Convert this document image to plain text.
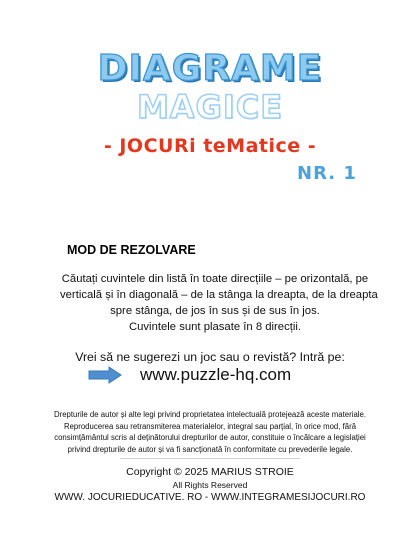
DIAGRAME
MAGICE
- JOCURi teMatice -
NR. 1
MOD DE REZOLVARE
Căutați cuvintele din listă în toate direcțiile – pe orizontală, pe
verticală și în diagonală – de la stânga la dreapta, de la dreapta
spre stânga, de jos în sus și de sus în jos.
Cuvintele sunt plasate în 8 direcții.
Vrei să ne sugerezi un joc sau o revistă? Intră pe:
www.puzzle-hq.com
Drepturile de autor și alte legi privind proprietatea intelectuală protejează aceste materiale.
Reproducerea sau retransmiterea materialelor, integral sau parțial, în orice mod, fără
consimțământul scris al deținătorului drepturilor de autor, constituie o încălcare a legislației
privind drepturile de autor și va fi sancționată în conformitate cu prevederile legale.
Copyright © 2025 MARIUS STROIE
All Rights Reserved
WWW. JOCURIEDUCATIVE. RO - WWW.INTEGRAMESIJOCURI.RO
